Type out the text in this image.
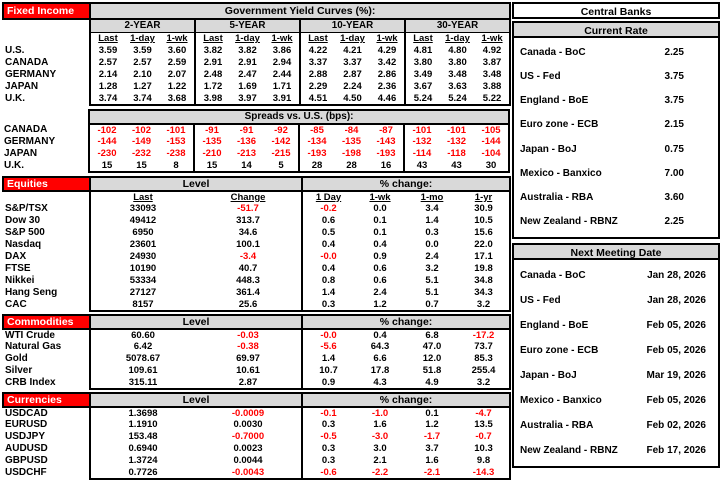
Fixed Income	Government Yield Curves (%):											
	2-YEAR			5-YEAR			10-YEAR			30-YEAR		
	Last	1-day	1-wk	Last	1-day	1-wk	Last	1-day	1-wk	Last	1-day	1-wk
U.S.	3.59	3.59	3.60	3.82	3.82	3.86	4.22	4.21	4.29	4.81	4.80	4.92
CANADA	2.57	2.57	2.59	2.91	2.91	2.94	3.37	3.37	3.42	3.80	3.80	3.87
GERMANY	2.14	2.10	2.07	2.48	2.47	2.44	2.88	2.87	2.86	3.49	3.48	3.48
JAPAN	1.28	1.27	1.22	1.72	1.69	1.71	2.29	2.24	2.36	3.67	3.63	3.88
U.K.	3.74	3.74	3.68	3.98	3.97	3.91	4.51	4.50	4.46	5.24	5.24	5.22
	Spreads vs. U.S. (bps):											
CANADA	-102	-102	-101	-91	-91	-92	-85	-84	-87	-101	-101	-105
GERMANY	-144	-149	-153	-135	-136	-142	-134	-135	-143	-132	-132	-144
JAPAN	-230	-232	-238	-210	-213	-215	-193	-198	-193	-114	-118	-104
U.K.	15	15	8	15	14	5	28	28	16	43	43	30
Equities	Level		% change:			
	Last	Change	1 Day	1-wk	1-mo	1-yr
S&P/TSX	33093	-51.7	-0.2	0.0	3.4	30.9
Dow 30	49412	313.7	0.6	0.1	1.4	10.5
S&P 500	6950	34.6	0.5	0.1	0.3	15.6
Nasdaq	23601	100.1	0.4	0.4	0.0	22.0
DAX	24930	-3.4	-0.0	0.9	2.4	17.1
FTSE	10190	40.7	0.4	0.6	3.2	19.8
Nikkei	53334	448.3	0.8	0.6	5.1	34.8
Hang Seng	27127	361.4	1.4	2.4	5.1	34.3
CAC	8157	25.6	0.3	1.2	0.7	3.2
Commodities	Level		% change:			
WTI Crude	60.60	-0.03	-0.0	0.4	6.8	-17.2
Natural Gas	6.42	-0.38	-5.6	64.3	47.0	73.7
Gold	5078.67	69.97	1.4	6.6	12.0	85.3
Silver	109.61	10.61	10.7	17.8	51.8	255.4
CRB Index	315.11	2.87	0.9	4.3	4.9	3.2
Currencies	Level		% change:			
USDCAD	1.3698	-0.0009	-0.1	-1.0	0.1	-4.7
EURUSD	1.1910	0.0030	0.3	1.6	1.2	13.5
USDJPY	153.48	-0.7000	-0.5	-3.0	-1.7	-0.7
AUDUSD	0.6940	0.0023	0.3	3.0	3.7	10.3
GBPUSD	1.3724	0.0044	0.3	2.1	1.6	9.8
USDCHF	0.7726	-0.0043	-0.6	-2.2	-2.1	-14.3
Central Banks
Current Rate
Canada - BoC	2.25
US - Fed	3.75
England - BoE	3.75
Euro zone - ECB	2.15
Japan - BoJ	0.75
Mexico - Banxico	7.00
Australia - RBA	3.60
New Zealand - RBNZ	2.25
Next Meeting Date
Canada - BoC	Jan 28, 2026
US - Fed	Jan 28, 2026
England - BoE	Feb 05, 2026
Euro zone - ECB	Feb 05, 2026
Japan - BoJ	Mar 19, 2026
Mexico - Banxico	Feb 05, 2026
Australia - RBA	Feb 02, 2026
New Zealand - RBNZ	Feb 17, 2026
